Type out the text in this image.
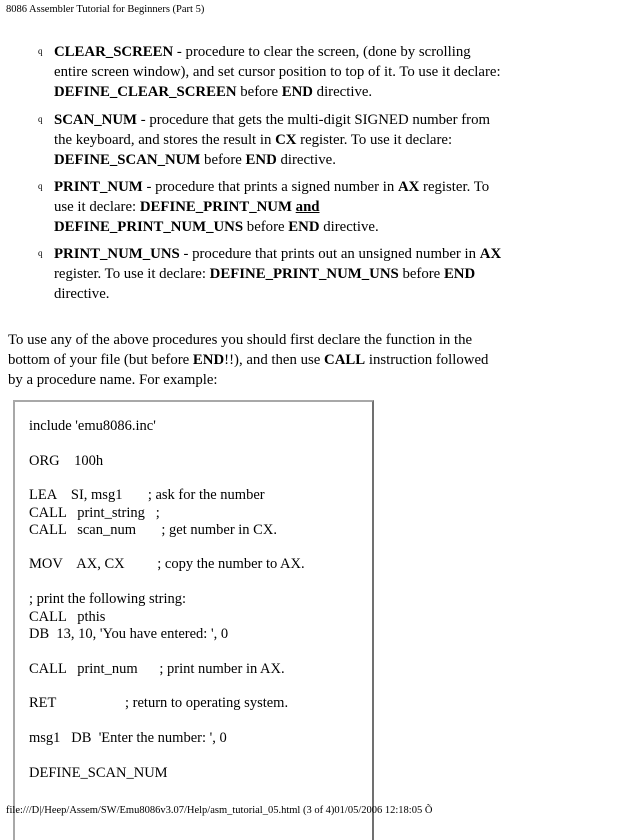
8086 Assembler Tutorial for Beginners (Part 5)
q CLEAR_SCREEN - procedure to clear the screen, (done by scrolling
entire screen window), and set cursor position to top of it. To use it declare:
DEFINE_CLEAR_SCREEN before END directive.
q SCAN_NUM - procedure that gets the multi-digit SIGNED number from
the keyboard, and stores the result in CX register. To use it declare:
DEFINE_SCAN_NUM before END directive.
q PRINT_NUM - procedure that prints a signed number in AX register. To
use it declare: DEFINE_PRINT_NUM and
DEFINE_PRINT_NUM_UNS before END directive.
q PRINT_NUM_UNS - procedure that prints out an unsigned number in AX
register. To use it declare: DEFINE_PRINT_NUM_UNS before END
directive.
To use any of the above procedures you should first declare the function in the
bottom of your file (but before END!!), and then use CALL instruction followed
by a procedure name. For example:
include 'emu8086.inc'
ORG    100h
LEA    SI, msg1       ; ask for the number
CALL   print_string   ;
CALL   scan_num       ; get number in CX.
MOV    AX, CX         ; copy the number to AX.
; print the following string:
CALL   pthis
DB  13, 10, 'You have entered: ', 0
CALL   print_num      ; print number in AX.
RET                   ; return to operating system.
msg1   DB  'Enter the number: ', 0
DEFINE_SCAN_NUM
file:///D|/Heep/Assem/SW/Emu8086v3.07/Help/asm_tutorial_05.html (3 of 4)01/05/2006 12:18:05 Õ
